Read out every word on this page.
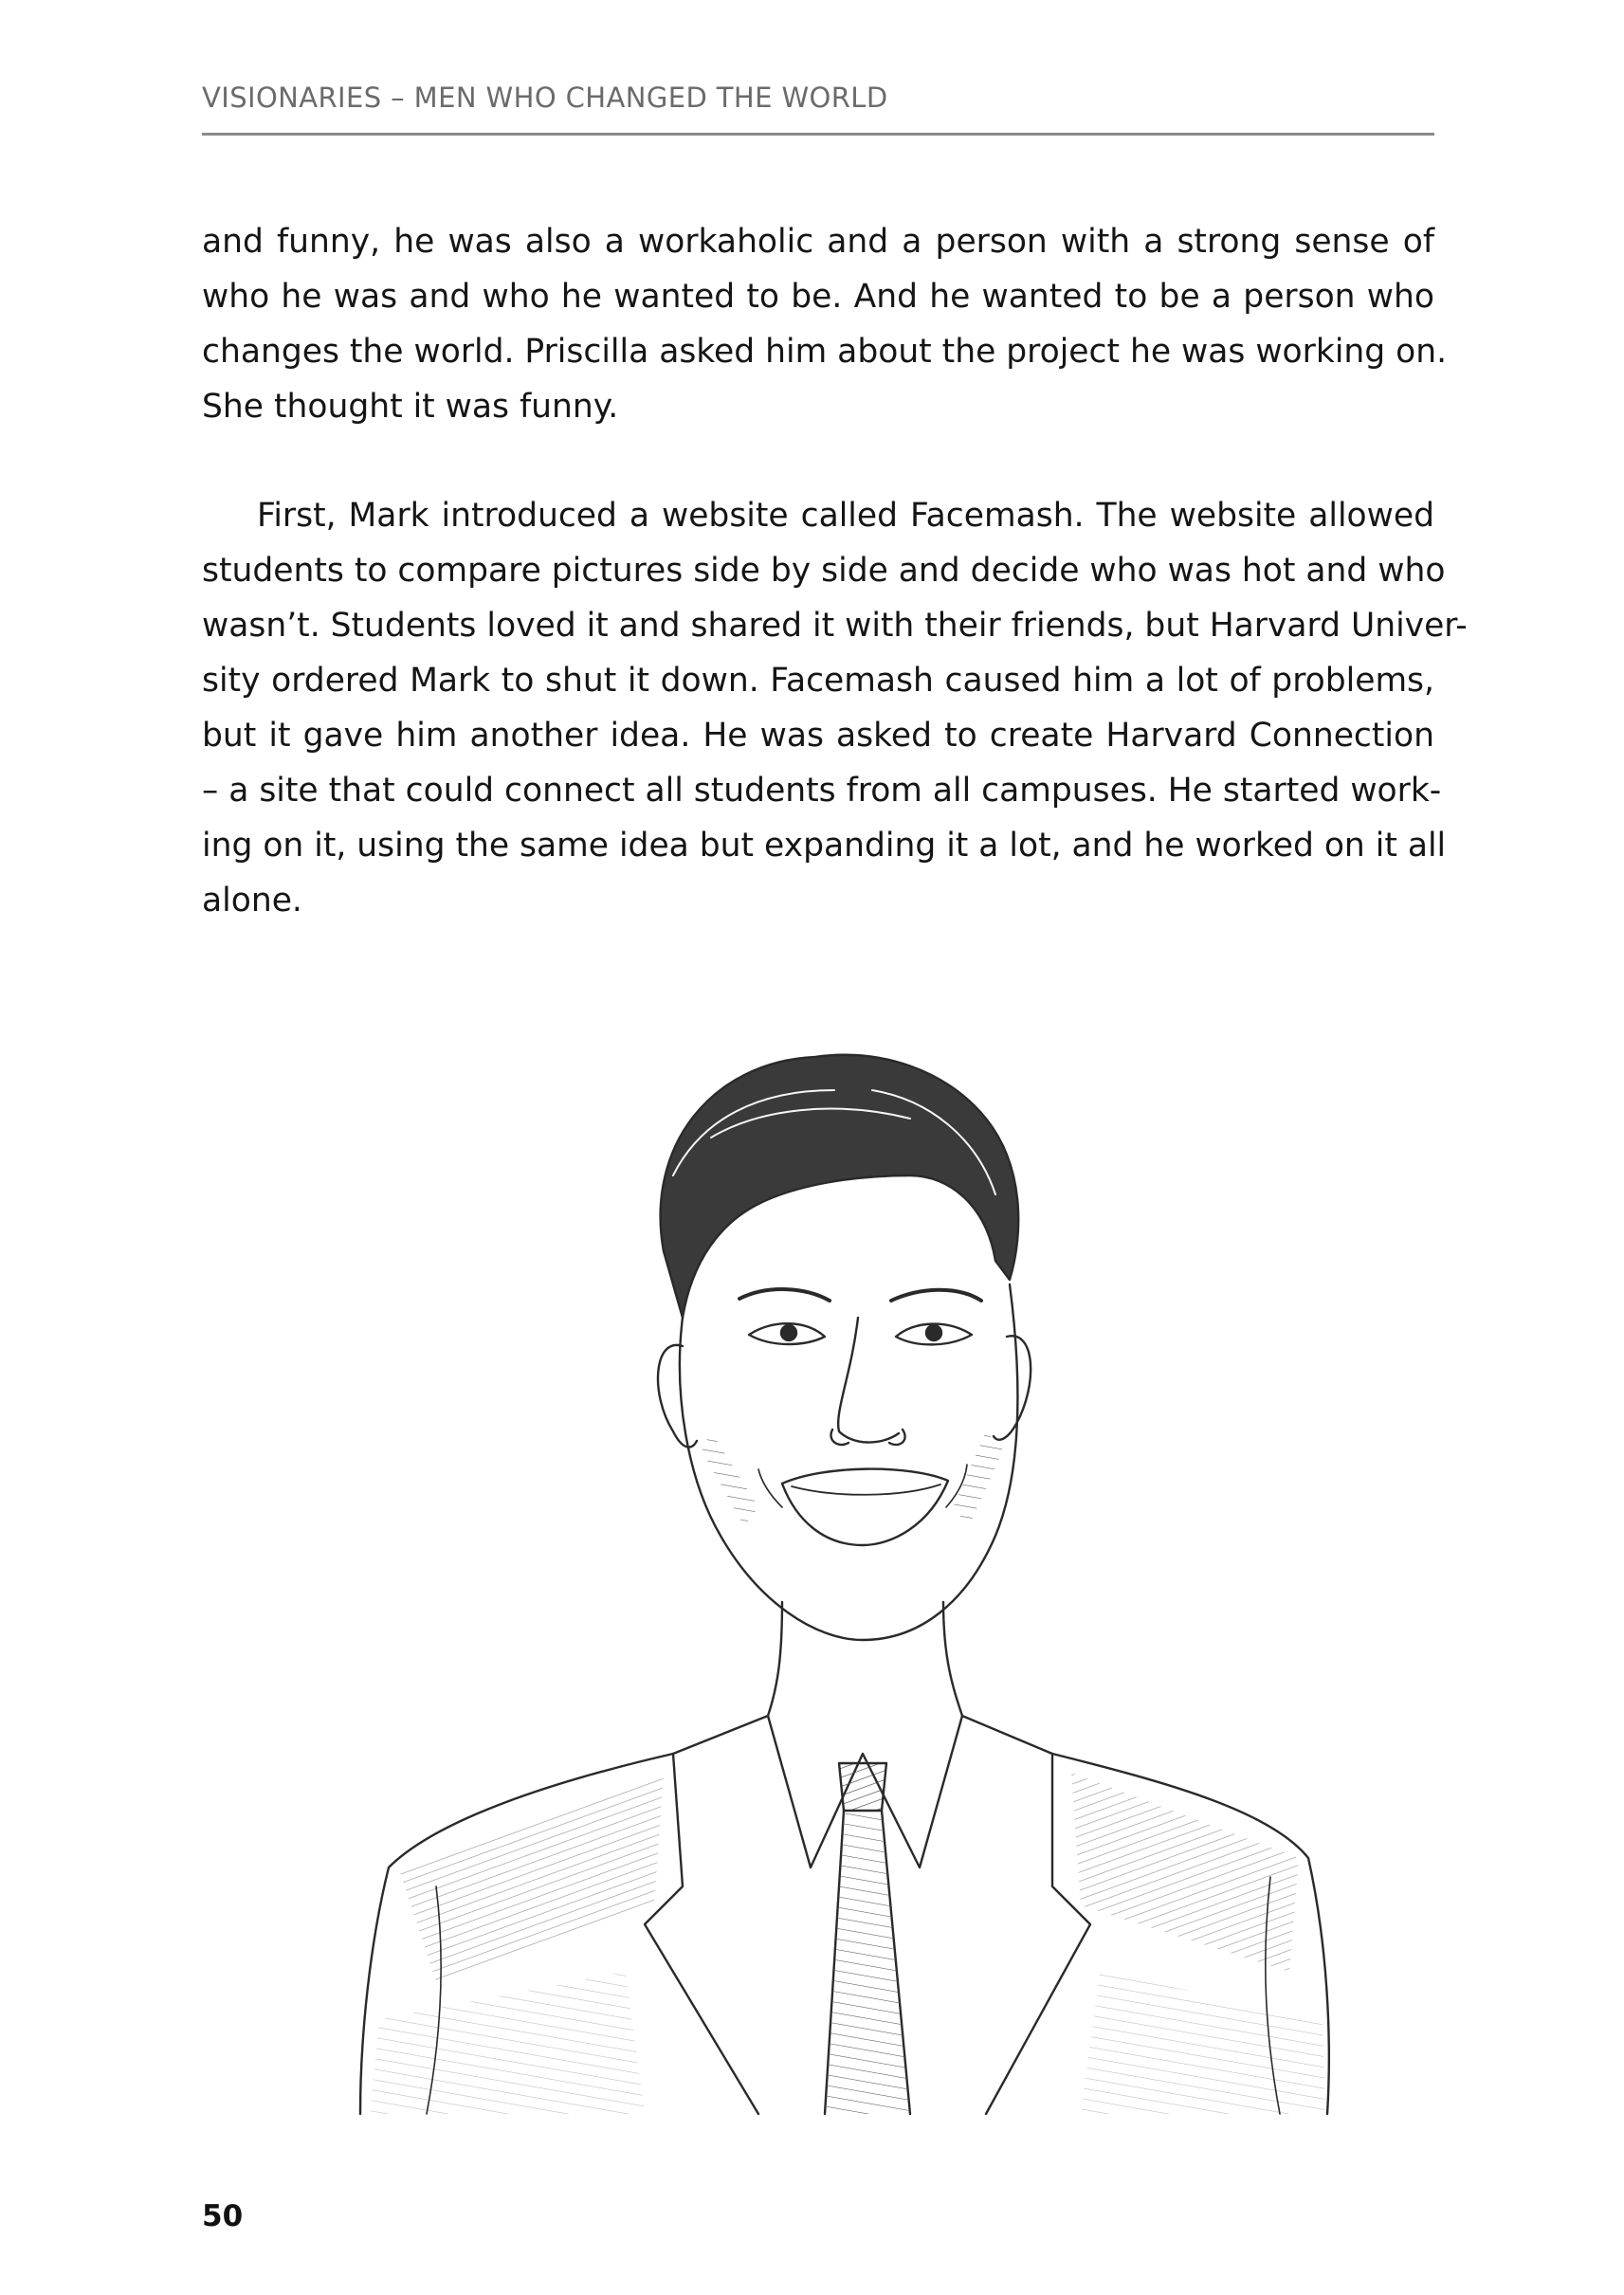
VISIONARIES – MEN WHO CHANGED THE WORLD
and funny, he was also a workaholic and a person with a strong sense of
who he was and who he wanted to be. And he wanted to be a person who
changes the world. Priscilla asked him about the project he was working on.
She thought it was funny.
First, Mark introduced a website called Facemash. The website allowed
students to compare pictures side by side and decide who was hot and who
wasn’t. Students loved it and shared it with their friends, but Harvard Univer-
sity ordered Mark to shut it down. Facemash caused him a lot of problems,
but it gave him another idea. He was asked to create Harvard Connection
– a site that could connect all students from all campuses. He started work-
ing on it, using the same idea but expanding it a lot, and he worked on it all
alone.
50
